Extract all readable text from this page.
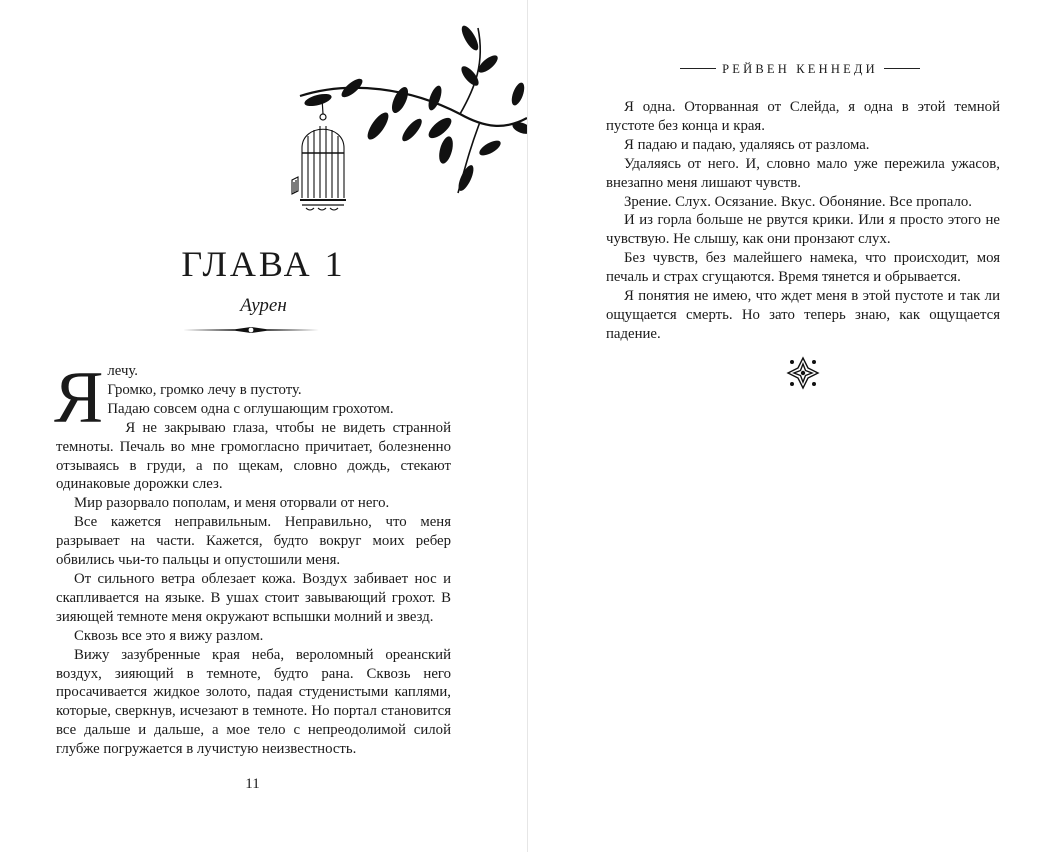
ГЛАВА 1
Аурен
Я лечу.

Громко, громко лечу в пустоту.

Падаю совсем одна с оглушающим грохотом.

Я не закрываю глаза, чтобы не видеть странной темноты. Печаль во мне громогласно причитает, болезненно отзываясь в груди, а по щекам, словно дождь, стекают одинаковые дорожки слез.

Мир разорвало пополам, и меня оторвали от него.

Все кажется неправильным. Неправильно, что меня разрывает на части. Кажется, будто вокруг моих ребер обвились чьи-то пальцы и опустошили меня.

От сильного ветра облезает кожа. Воздух забивает нос и скапливается на языке. В ушах стоит завывающий грохот. В зияющей темноте меня окружают вспышки молний и звезд.

Сквозь все это я вижу разлом.

Вижу зазубренные края неба, вероломный ореанский воздух, зияющий в темноте, будто рана. Сквозь него просачивается жидкое золото, падая студенистыми каплями, которые, сверкнув, исчезают в темноте. Но портал становится все дальше и дальше, а мое тело с непреодолимой силой глубже погружается в лучистую неизвестность.

11
РЕЙВЕН КЕННЕДИ

Я одна. Оторванная от Слейда, я одна в этой темной пустоте без конца и края.

Я падаю и падаю, удаляясь от разлома.

Удаляясь от него. И, словно мало уже пережила ужасов, внезапно меня лишают чувств.

Зрение. Слух. Осязание. Вкус. Обоняние. Все пропало.

И из горла больше не рвутся крики. Или я просто этого не чувствую. Не слышу, как они пронзают слух.

Без чувств, без малейшего намека, что происходит, моя печаль и страх сгущаются. Время тянется и обрывается.

Я понятия не имею, что ждет меня в этой пустоте и так ли ощущается смерть. Но зато теперь знаю, как ощущается падение.
